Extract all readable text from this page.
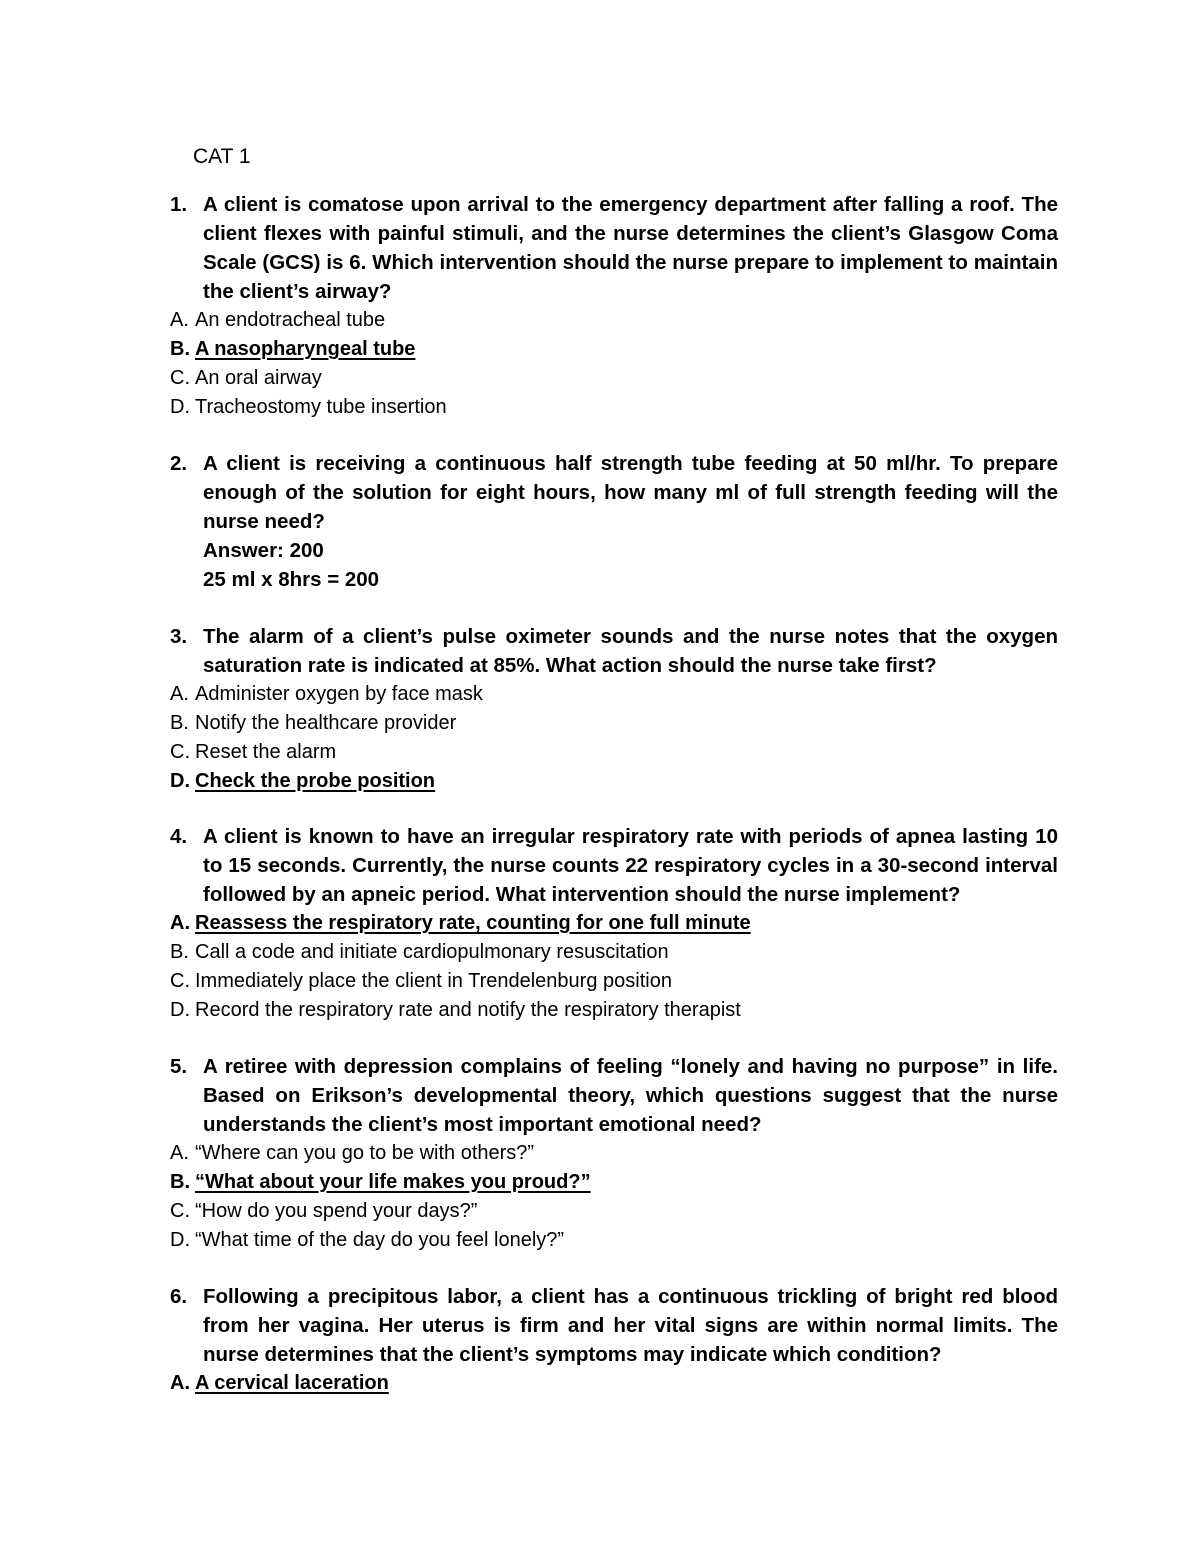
CAT 1
1. A client is comatose upon arrival to the emergency department after falling a roof. The client flexes with painful stimuli, and the nurse determines the client’s Glasgow Coma Scale (GCS) is 6. Which intervention should the nurse prepare to implement to maintain the client’s airway?
A. An endotracheal tube
B. A nasopharyngeal tube
C. An oral airway
D. Tracheostomy tube insertion
2. A client is receiving a continuous half strength tube feeding at 50 ml/hr. To prepare enough of the solution for eight hours, how many ml of full strength feeding will the nurse need?
Answer: 200
25 ml x 8hrs = 200
3. The alarm of a client’s pulse oximeter sounds and the nurse notes that the oxygen saturation rate is indicated at 85%. What action should the nurse take first?
A. Administer oxygen by face mask
B. Notify the healthcare provider
C. Reset the alarm
D. Check the probe position
4. A client is known to have an irregular respiratory rate with periods of apnea lasting 10 to 15 seconds. Currently, the nurse counts 22 respiratory cycles in a 30-second interval followed by an apneic period. What intervention should the nurse implement?
A. Reassess the respiratory rate, counting for one full minute
B. Call a code and initiate cardiopulmonary resuscitation
C. Immediately place the client in Trendelenburg position
D. Record the respiratory rate and notify the respiratory therapist
5. A retiree with depression complains of feeling “lonely and having no purpose” in life. Based on Erikson’s developmental theory, which questions suggest that the nurse understands the client’s most important emotional need?
A. “Where can you go to be with others?”
B. “What about your life makes you proud?”
C. “How do you spend your days?”
D. “What time of the day do you feel lonely?”
6. Following a precipitous labor, a client has a continuous trickling of bright red blood from her vagina. Her uterus is firm and her vital signs are within normal limits. The nurse determines that the client’s symptoms may indicate which condition?
A. A cervical laceration
